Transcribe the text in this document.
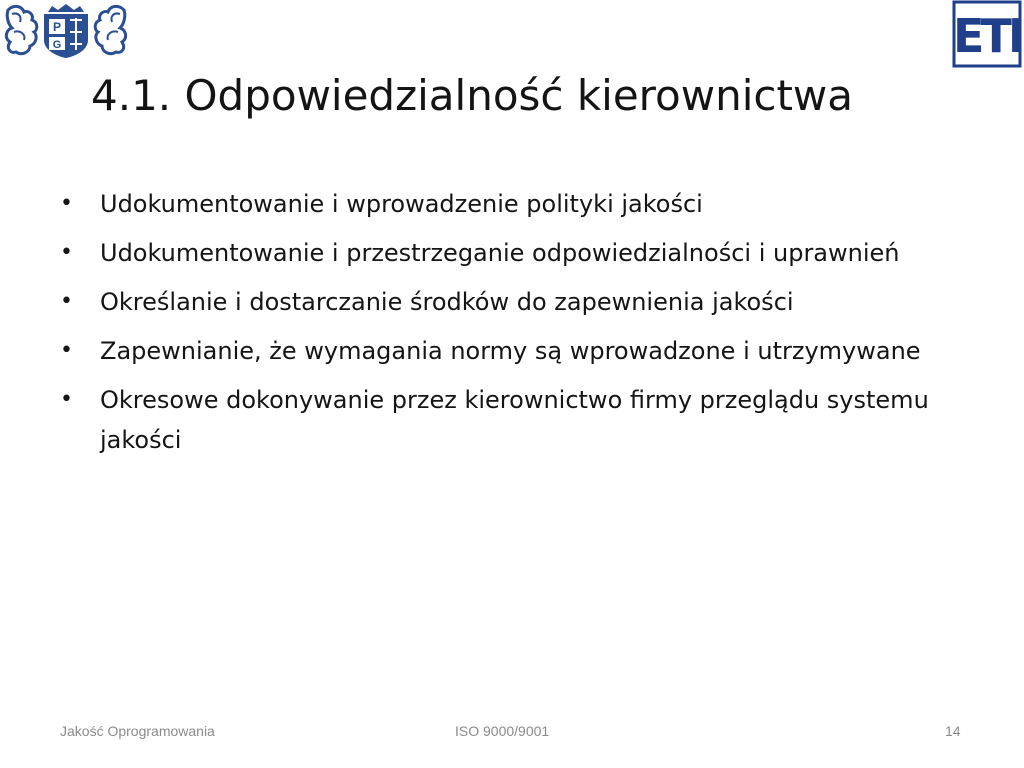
P
G	ETI
4.1. Odpowiedzialność kierownictwa
• Udokumentowanie i wprowadzenie polityki jakości
• Udokumentowanie i przestrzeganie odpowiedzialności i uprawnień
• Określanie i dostarczanie środków do zapewnienia jakości
• Zapewnianie, że wymagania normy są wprowadzone i utrzymywane
• Okresowe dokonywanie przez kierownictwo firmy przeglądu systemu jakości
Jakość Oprogramowania	ISO 9000/9001	14
